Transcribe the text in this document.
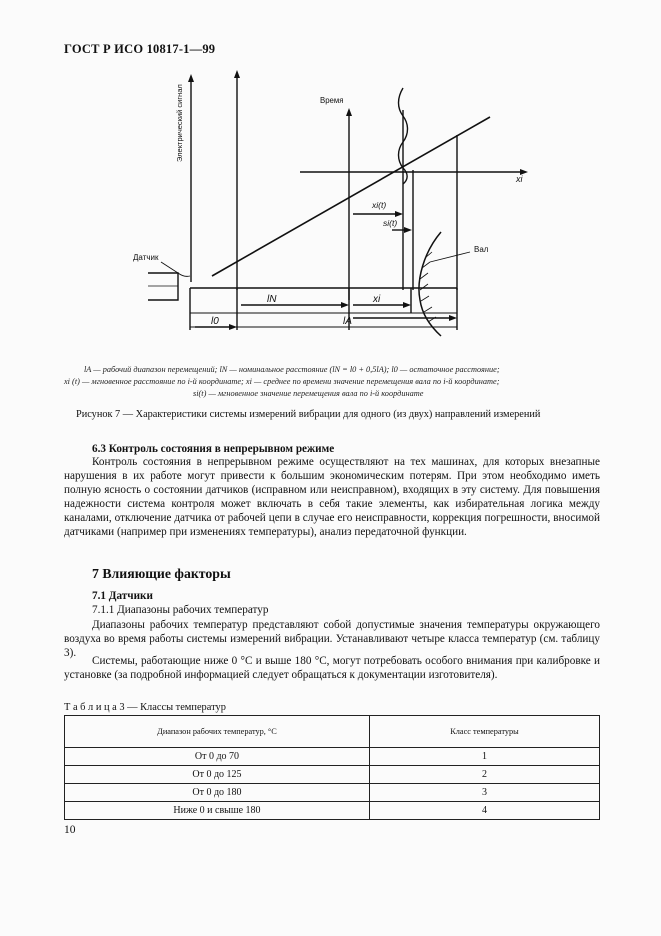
ГОСТ Р ИСО 10817-1—99
Электрический сигнал	Время
xi
Датчик
Вал
xi(t)
si(t)
lN	xi
l0	lA
lA — рабочий диапазон перемещений; lN — номинальное расстояние (lN = l0 + 0,5lA); l0 — остаточное расстояние;
xi (t) — мгновенное расстояние по i-й координате; xi — среднее по времени значение перемещения вала по i-й координате;
si(t) — мгновенное значение перемещения вала по i-й координате
Рисунок 7 — Характеристики системы измерений вибрации для одного (из двух) направлений измерений
6.3 Контроль состояния в непрерывном режиме
Контроль состояния в непрерывном режиме осуществляют на тех машинах, для которых внезапные нарушения в их работе могут привести к большим экономическим потерям. При этом необходимо иметь полную ясность о состоянии датчиков (исправном или неисправном), входящих в эту систему. Для повышения надежности система контроля может включать в себя такие элементы, как избирательная логика между каналами, отключение датчика от рабочей цепи в случае его неисправности, коррекция погрешности, вносимой датчиками (например при изменениях температуры), анализ передаточной функции.
7 Влияющие факторы
7.1 Датчики
7.1.1 Диапазоны рабочих температур
Диапазоны рабочих температур представляют собой допустимые значения температуры окружающего воздуха во время работы системы измерений вибрации. Устанавливают четыре класса температур (см. таблицу 3).
Системы, работающие ниже 0 °С и выше 180 °С, могут потребовать особого внимания при калибровке и установке (за подробной информацией следует обращаться к документации изготовителя).
Т а б л и ц а 3 — Классы температур
Диапазон рабочих температур, °С	Класс температуры
От 0 до 70	1
От 0 до 125	2
От 0 до 180	3
Ниже 0 и свыше 180	4
10
